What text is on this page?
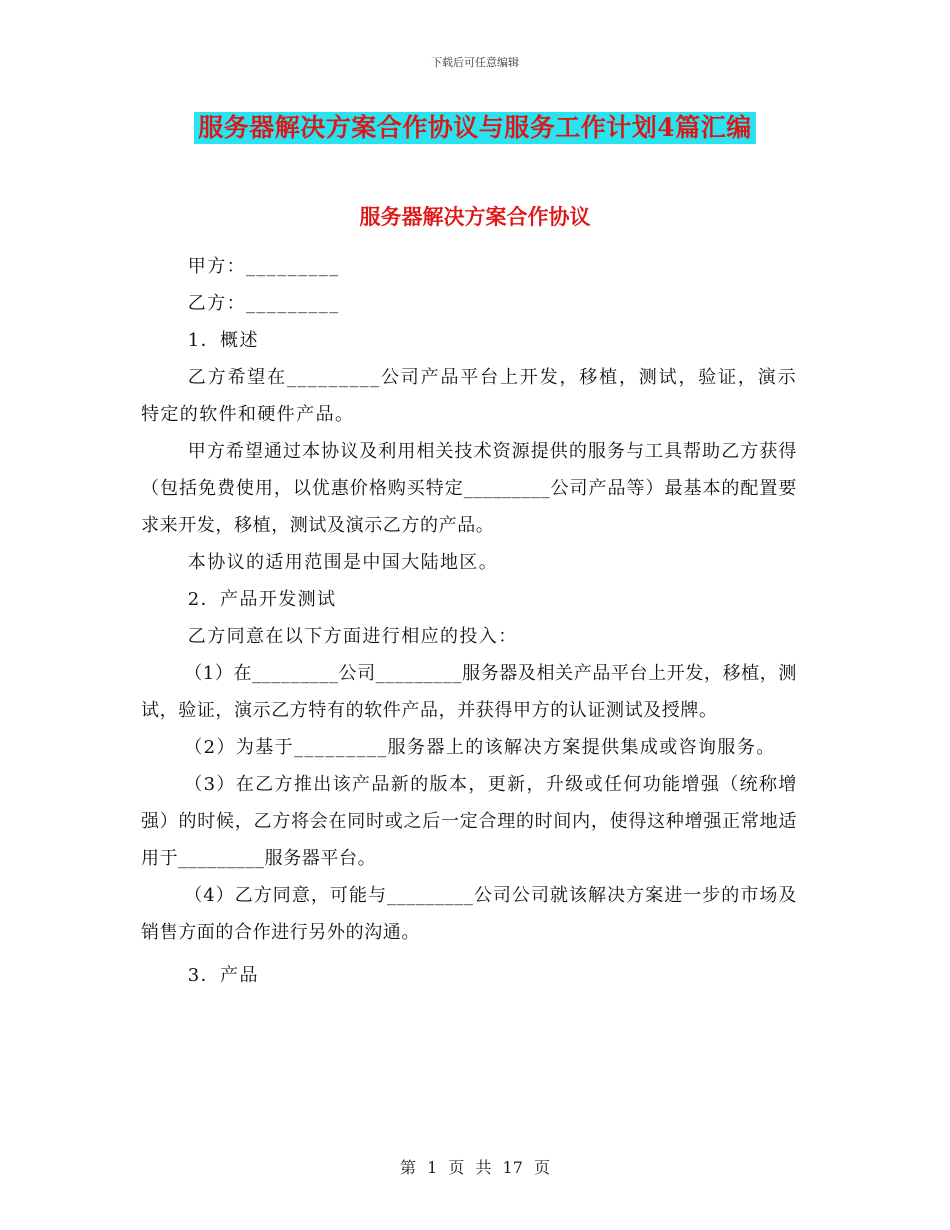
下载后可任意编辑
服务器解决方案合作协议与服务工作计划4篇汇编
服务器解决方案合作协议

甲方：_________

乙方：_________

1．概述

乙方希望在_________公司产品平台上开发，移植，测试，验证，演示特定的软件和硬件产品。

甲方希望通过本协议及利用相关技术资源提供的服务与工具帮助乙方获得（包括免费使用，以优惠价格购买特定_________公司产品等）最基本的配置要求来开发，移植，测试及演示乙方的产品。

本协议的适用范围是中国大陆地区。

2．产品开发测试

乙方同意在以下方面进行相应的投入：

（1）在_________公司_________服务器及相关产品平台上开发，移植，测试，验证，演示乙方特有的软件产品，并获得甲方的认证测试及授牌。

（2）为基于_________服务器上的该解决方案提供集成或咨询服务。

（3）在乙方推出该产品新的版本，更新，升级或任何功能增强（统称增强）的时候，乙方将会在同时或之后一定合理的时间内，使得这种增强正常地适用于_________服务器平台。

（4）乙方同意，可能与_________公司公司就该解决方案进一步的市场及销售方面的合作进行另外的沟通。

3．产品

第 1 页 共 17 页
